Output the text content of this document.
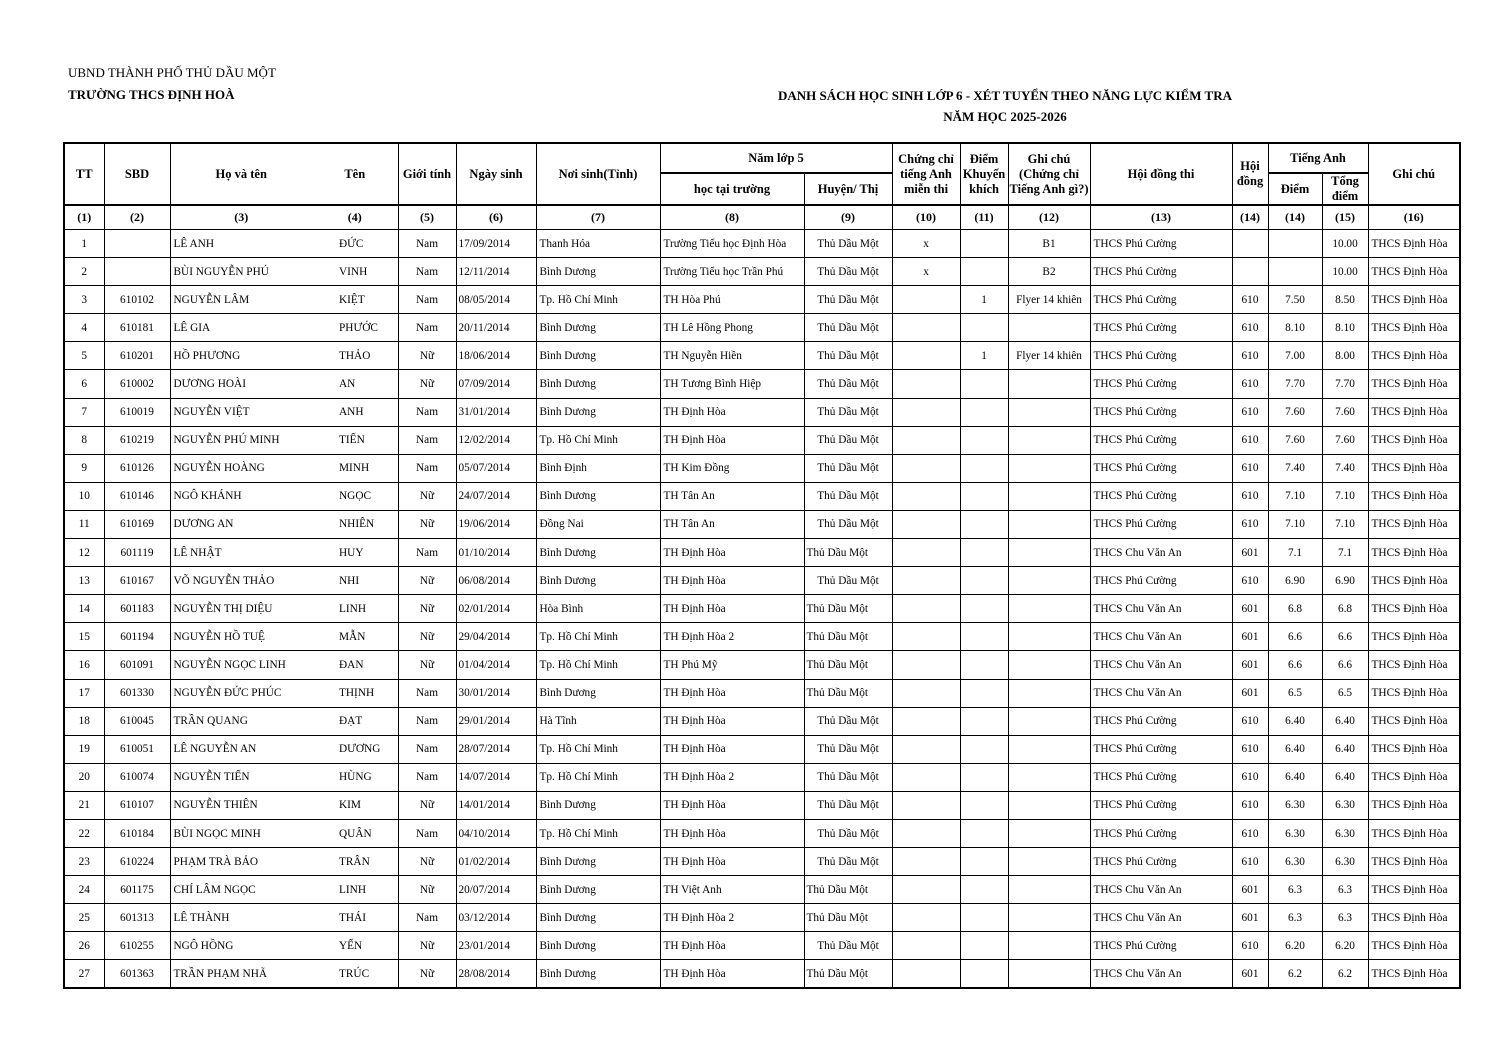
UBND THÀNH PHỐ THỦ DẦU MỘT
TRƯỜNG THCS ĐỊNH HOÀ	DANH SÁCH HỌC SINH LỚP 6 - XÉT TUYỂN THEO NĂNG LỰC KIỂM TRA
NĂM HỌC 2025-2026
TT	SBD	Họ và tên	Tên	Giới tính	Ngày sinh	Nơi sinh(Tỉnh)	Năm lớp 5		Chứng chỉ tiếng Anh miễn thi	Điểm Khuyến khích	Ghi chú (Chứng chỉ Tiếng Anh gì?)	Hội đồng thi	Hội đồng	Tiếng Anh		Ghi chú
							học tại trường	Huyện/ Thị						Điểm	Tổng điểm	
(1)	(2)	(3)	(4)	(5)	(6)	(7)	(8)	(9)	(10)	(11)	(12)	(13)	(14)	(14)	(15)	(16)
1		LÊ ANH	ĐỨC	Nam	17/09/2014	Thanh Hóa	Trường Tiểu học Định Hòa	Thủ Dầu Một	x		B1	THCS Phú Cường			10.00	THCS Định Hòa
2		BÙI NGUYỄN PHÚ	VINH	Nam	12/11/2014	Bình Dương	Trường Tiểu học Trần Phú	Thủ Dầu Một	x		B2	THCS Phú Cường			10.00	THCS Định Hòa
3	610102	NGUYỄN LÂM	KIỆT	Nam	08/05/2014	Tp. Hồ Chí Minh	TH Hòa Phú	Thủ Dầu Một		1	Flyer 14 khiên	THCS Phú Cường	610	7.50	8.50	THCS Định Hòa
4	610181	LÊ GIA	PHƯỚC	Nam	20/11/2014	Bình Dương	TH Lê Hồng Phong	Thủ Dầu Một				THCS Phú Cường	610	8.10	8.10	THCS Định Hòa
5	610201	HỒ PHƯƠNG	THẢO	Nữ	18/06/2014	Bình Dương	TH Nguyễn Hiền	Thủ Dầu Một		1	Flyer 14 khiên	THCS Phú Cường	610	7.00	8.00	THCS Định Hòa
6	610002	DƯƠNG HOÀI	AN	Nữ	07/09/2014	Bình Dương	TH Tương Bình Hiệp	Thủ Dầu Một				THCS Phú Cường	610	7.70	7.70	THCS Định Hòa
7	610019	NGUYỄN VIỆT	ANH	Nam	31/01/2014	Bình Dương	TH Định Hòa	Thủ Dầu Một				THCS Phú Cường	610	7.60	7.60	THCS Định Hòa
8	610219	NGUYỄN PHÚ MINH	TIẾN	Nam	12/02/2014	Tp. Hồ Chí Minh	TH Định Hòa	Thủ Dầu Một				THCS Phú Cường	610	7.60	7.60	THCS Định Hòa
9	610126	NGUYỄN HOÀNG	MINH	Nam	05/07/2014	Bình Định	TH Kim Đồng	Thủ Dầu Một				THCS Phú Cường	610	7.40	7.40	THCS Định Hòa
10	610146	NGÔ KHÁNH	NGỌC	Nữ	24/07/2014	Bình Dương	TH Tân An	Thủ Dầu Một				THCS Phú Cường	610	7.10	7.10	THCS Định Hòa
11	610169	DƯƠNG AN	NHIÊN	Nữ	19/06/2014	Đồng Nai	TH Tân An	Thủ Dầu Một				THCS Phú Cường	610	7.10	7.10	THCS Định Hòa
12	601119	LÊ NHẬT	HUY	Nam	01/10/2014	Bình Dương	TH Định Hòa	Thủ Dầu Một				THCS Chu Văn An	601	7.1	7.1	THCS Định Hòa
13	610167	VÕ NGUYỄN THẢO	NHI	Nữ	06/08/2014	Bình Dương	TH Định Hòa	Thủ Dầu Một				THCS Phú Cường	610	6.90	6.90	THCS Định Hòa
14	601183	NGUYỄN THỊ DIỆU	LINH	Nữ	02/01/2014	Hòa Bình	TH Định Hòa	Thủ Dầu Một				THCS Chu Văn An	601	6.8	6.8	THCS Định Hòa
15	601194	NGUYỄN HỒ TUỆ	MẪN	Nữ	29/04/2014	Tp. Hồ Chí Minh	TH Định Hòa 2	Thủ Dầu Một				THCS Chu Văn An	601	6.6	6.6	THCS Định Hòa
16	601091	NGUYỄN NGỌC LINH	ĐAN	Nữ	01/04/2014	Tp. Hồ Chí Minh	TH Phú Mỹ	Thủ Dầu Một				THCS Chu Văn An	601	6.6	6.6	THCS Định Hòa
17	601330	NGUYỄN ĐỨC PHÚC	THỊNH	Nam	30/01/2014	Bình Dương	TH Định Hòa	Thủ Dầu Một				THCS Chu Văn An	601	6.5	6.5	THCS Định Hòa
18	610045	TRẦN QUANG	ĐẠT	Nam	29/01/2014	Hà Tĩnh	TH Định Hòa	Thủ Dầu Một				THCS Phú Cường	610	6.40	6.40	THCS Định Hòa
19	610051	LÊ NGUYỄN AN	DƯƠNG	Nam	28/07/2014	Tp. Hồ Chí Minh	TH Định Hòa	Thủ Dầu Một				THCS Phú Cường	610	6.40	6.40	THCS Định Hòa
20	610074	NGUYỄN TIẾN	HÙNG	Nam	14/07/2014	Tp. Hồ Chí Minh	TH Định Hòa 2	Thủ Dầu Một				THCS Phú Cường	610	6.40	6.40	THCS Định Hòa
21	610107	NGUYỄN THIÊN	KIM	Nữ	14/01/2014	Bình Dương	TH Định Hòa	Thủ Dầu Một				THCS Phú Cường	610	6.30	6.30	THCS Định Hòa
22	610184	BÙI NGỌC MINH	QUÂN	Nam	04/10/2014	Tp. Hồ Chí Minh	TH Định Hòa	Thủ Dầu Một				THCS Phú Cường	610	6.30	6.30	THCS Định Hòa
23	610224	PHẠM TRÀ BẢO	TRÂN	Nữ	01/02/2014	Bình Dương	TH Định Hòa	Thủ Dầu Một				THCS Phú Cường	610	6.30	6.30	THCS Định Hòa
24	601175	CHÍ LÂM NGỌC	LINH	Nữ	20/07/2014	Bình Dương	TH Việt Anh	Thủ Dầu Một				THCS Chu Văn An	601	6.3	6.3	THCS Định Hòa
25	601313	LÊ THÀNH	THÁI	Nam	03/12/2014	Bình Dương	TH Định Hòa 2	Thủ Dầu Một				THCS Chu Văn An	601	6.3	6.3	THCS Định Hòa
26	610255	NGÔ HỒNG	YẾN	Nữ	23/01/2014	Bình Dương	TH Định Hòa	Thủ Dầu Một				THCS Phú Cường	610	6.20	6.20	THCS Định Hòa
27	601363	TRẦN PHẠM NHÃ	TRÚC	Nữ	28/08/2014	Bình Dương	TH Định Hòa	Thủ Dầu Một				THCS Chu Văn An	601	6.2	6.2	THCS Định Hòa
